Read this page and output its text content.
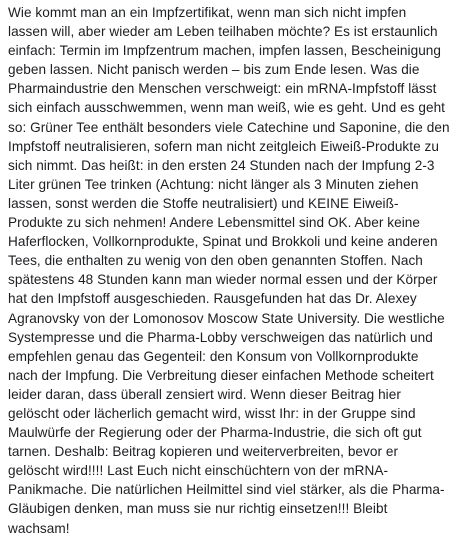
Wie kommt man an ein Impfzertifikat, wenn man sich nicht impfen
lassen will, aber wieder am Leben teilhaben möchte? Es ist erstaunlich
einfach: Termin im Impfzentrum machen, impfen lassen, Bescheinigung
geben lassen. Nicht panisch werden – bis zum Ende lesen. Was die
Pharmaindustrie den Menschen verschweigt: ein mRNA-Impfstoff lässt
sich einfach ausschwemmen, wenn man weiß, wie es geht. Und es geht
so: Grüner Tee enthält besonders viele Catechine und Saponine, die den
Impfstoff neutralisieren, sofern man nicht zeitgleich Eiweiß-Produkte zu
sich nimmt. Das heißt: in den ersten 24 Stunden nach der Impfung 2-3
Liter grünen Tee trinken (Achtung: nicht länger als 3 Minuten ziehen
lassen, sonst werden die Stoffe neutralisiert) und KEINE Eiweiß-
Produkte zu sich nehmen! Andere Lebensmittel sind OK. Aber keine
Haferflocken, Vollkornprodukte, Spinat und Brokkoli und keine anderen
Tees, die enthalten zu wenig von den oben genannten Stoffen. Nach
spätestens 48 Stunden kann man wieder normal essen und der Körper
hat den Impfstoff ausgeschieden. Rausgefunden hat das Dr. Alexey
Agranovsky von der Lomonosov Moscow State University. Die westliche
Systempresse und die Pharma-Lobby verschweigen das natürlich und
empfehlen genau das Gegenteil: den Konsum von Vollkornprodukte
nach der Impfung. Die Verbreitung dieser einfachen Methode scheitert
leider daran, dass überall zensiert wird. Wenn dieser Beitrag hier
gelöscht oder lächerlich gemacht wird, wisst Ihr: in der Gruppe sind
Maulwürfe der Regierung oder der Pharma-Industrie, die sich oft gut
tarnen. Deshalb: Beitrag kopieren und weiterverbreiten, bevor er
gelöscht wird!!!! Last Euch nicht einschüchtern von der mRNA-
Panikmache. Die natürlichen Heilmittel sind viel stärker, als die Pharma-
Gläubigen denken, man muss sie nur richtig einsetzen!!! Bleibt
wachsam!
